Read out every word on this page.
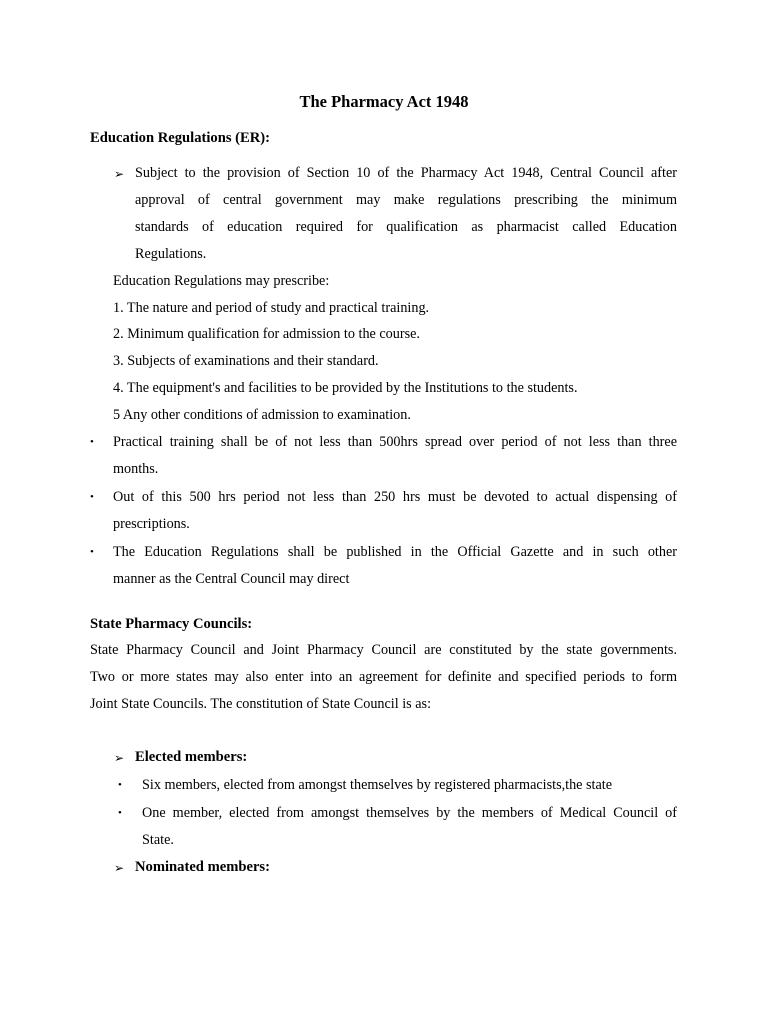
The Pharmacy Act 1948
Education Regulations (ER):
➢ Subject to the provision of Section 10 of the Pharmacy Act 1948, Central Council after
approval of central government may make regulations prescribing the minimum
standards of education required for qualification as pharmacist called Education
Regulations.
Education Regulations may prescribe:
1. The nature and period of study and practical training.
2. Minimum qualification for admission to the course.
3. Subjects of examinations and their standard.
4. The equipment's and facilities to be provided by the Institutions to the students.
5 Any other conditions of admission to examination.
• Practical training shall be of not less than 500hrs spread over period of not less than three
months.
• Out of this 500 hrs period not less than 250 hrs must be devoted to actual dispensing of
prescriptions.
• The Education Regulations shall be published in the Official Gazette and in such other
manner as the Central Council may direct
State Pharmacy Councils:
State Pharmacy Council and Joint Pharmacy Council are constituted by the state governments.
Two or more states may also enter into an agreement for definite and specified periods to form
Joint State Councils. The constitution of State Council is as:
➢ Elected members:
• Six members, elected from amongst themselves by registered pharmacists,the state
• One member, elected from amongst themselves by the members of Medical Council of
State.
➢ Nominated members:
